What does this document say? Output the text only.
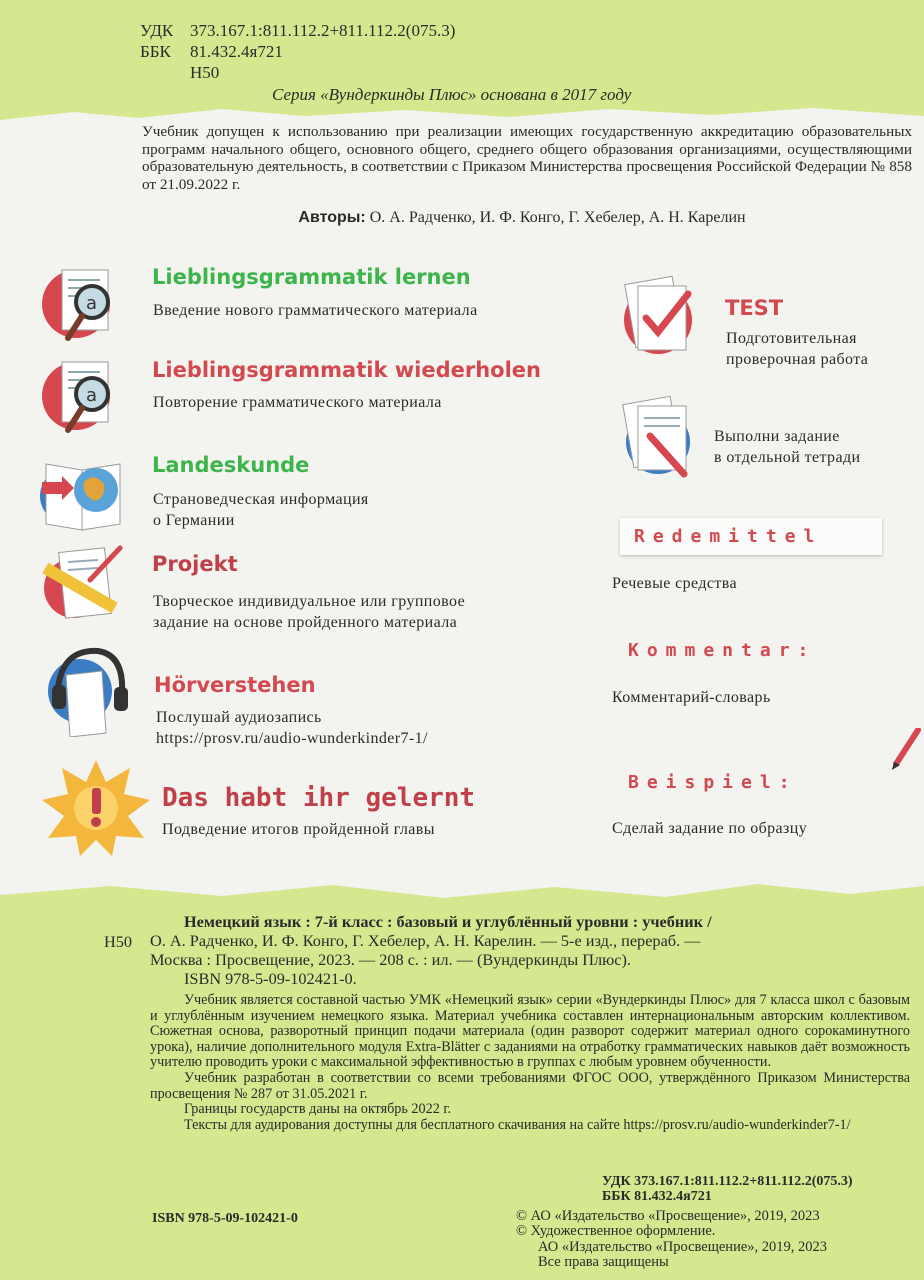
УДК 373.167.1:811.112.2+811.112.2(075.3)
ББК	81.432.4я721
Н50
Серия «Вундеркинды Плюс» основана в 2017 году
Учебник допущен к использованию при реализации имеющих государственную аккредитацию образовательных программ начального общего, основного общего, среднего общего образования организациями, осуществляющими образовательную деятельность, в соответствии с Приказом Министерства просвещения Российской Федерации № 858 от 21.09.2022 г.
Авторы: О. А. Радченко, И. Ф. Конго, Г. Хебелер, А. Н. Карелин
a
Lieblingsgrammatik lernen
Введение нового грамматического материала
a
Lieblingsgrammatik wiederholen
Повторение грамматического материала
Landeskunde
Страноведческая информация
о Германии
Projekt
Творческое индивидуальное или групповое
задание на основе пройденного материала
Hörverstehen
Послушай аудиозапись
https://prosv.ru/audio-wunderkinder7-1/
Das habt ihr gelernt
Подведение итогов пройденной главы
TEST
Подготовительная
проверочная работа
Выполни задание
в отдельной тетради
Redemittel
Речевые средства
Kommentar:
Комментарий-словарь
Beispiel:
Сделай задание по образцу
Н50
Немецкий язык : 7-й класс : базовый и углублённый уровни : учебник /
О. А. Радченко, И. Ф. Конго, Г. Хебелер, А. Н. Карелин. — 5-е изд., перераб. —
Москва : Просвещение, 2023. — 208 с. : ил. — (Вундеркинды Плюс).
ISBN 978-5-09-102421-0.

Учебник является составной частью УМК «Немецкий язык» серии «Вундеркинды Плюс» для 7 класса школ с базовым и углублённым изучением немецкого языка. Материал учебника составлен интернациональным авторским коллективом. Сюжетная основа, разворотный принцип подачи материала (один разворот содержит материал одного сорокаминутного урока), наличие дополнительного модуля Extra-Blätter с заданиями на отработку грамматических навыков даёт возможность учителю проводить уроки с максимальной эффективностью в группах с любым уровнем обученности.

Учебник разработан в соответствии со всеми требованиями ФГОС ООО, утверждённого Приказом Министерства просвещения № 287 от 31.05.2021 г.

Границы государств даны на октябрь 2022 г.

Тексты для аудирования доступны для бесплатного скачивания на сайте https://prosv.ru/audio-wunderkinder7-1/

УДК 373.167.1:811.112.2+811.112.2(075.3)
ББК 81.432.4я721
ISBN 978-5-09-102421-0	© АО «Издательство «Просвещение», 2019, 2023
© Художественное оформление.
АО «Издательство «Просвещение», 2019, 2023
Все права защищены
